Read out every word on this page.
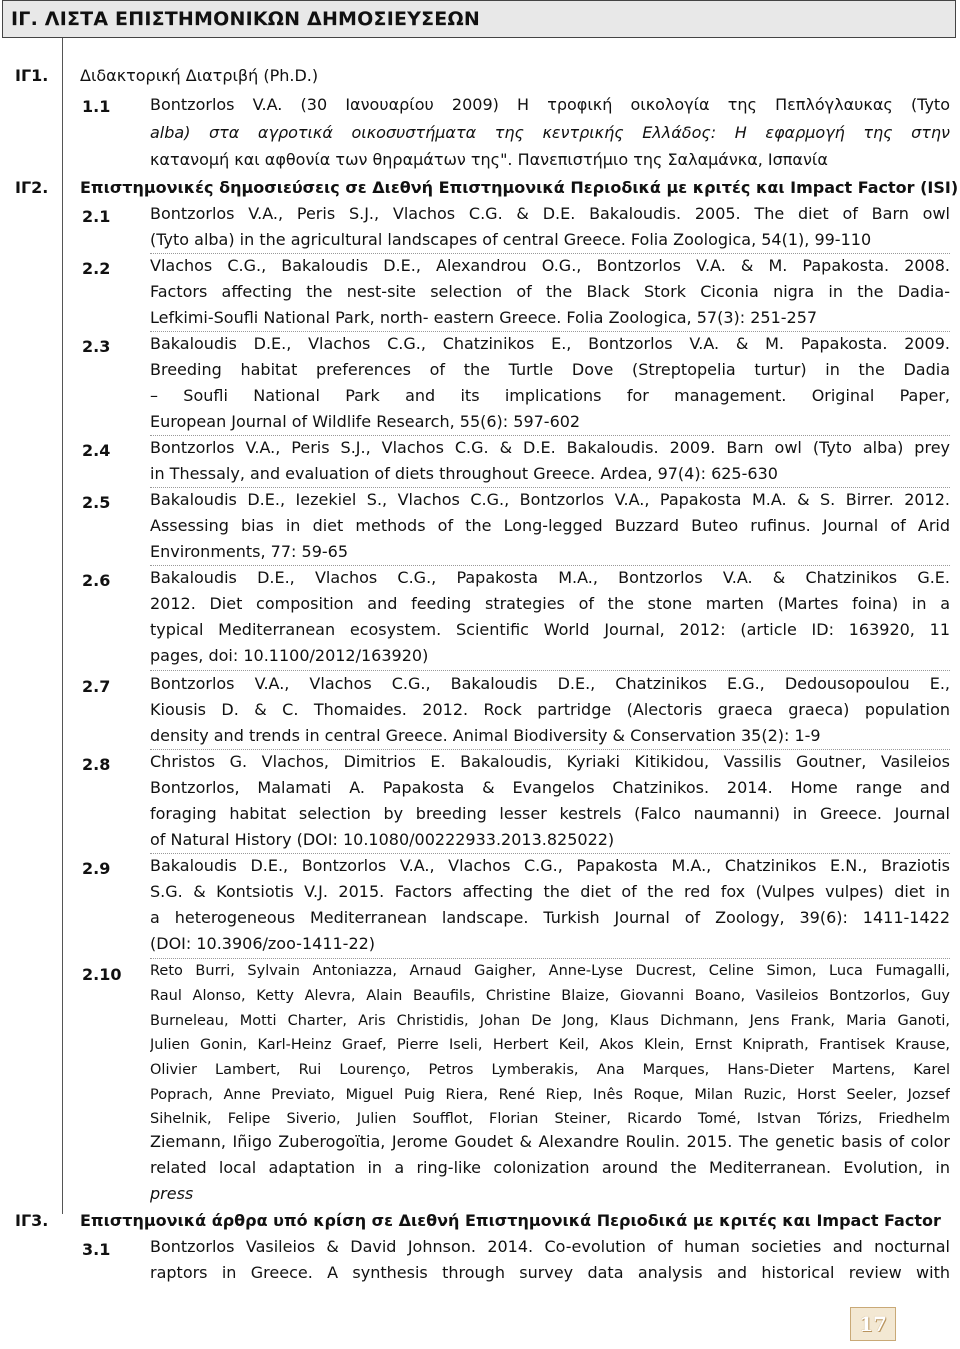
ΙΓ. ΛΙΣΤΑ ΕΠΙΣΤΗΜΟΝΙΚΩΝ ΔΗΜΟΣΙΕΥΣΕΩΝ
ΙΓ1. Διδακτορική Διατριβή (Ph.D.)
1.1 Bontzorlos V.A. (30 Ιανουαρίου 2009) Η τροφική οικολογία της Πεπλόγλαυκας (Tyto
alba) στα αγροτικά οικοσυστήματα της κεντρικής Ελλάδος: Η εφαρμογή της στην
κατανομή και αφθονία των θηραμάτων της". Πανεπιστήμιο της Σαλαμάνκα, Ισπανία
ΙΓ2. Επιστημονικές δημοσιεύσεις σε Διεθνή Επιστημονικά Περιοδικά με κριτές και Impact Factor (ISI)
2.1 Bontzorlos V.A., Peris S.J., Vlachos C.G. & D.E. Bakaloudis. 2005. The diet of Barn owl
(Tyto alba) in the agricultural landscapes of central Greece. Folia Zoologica, 54(1), 99-110
2.2 Vlachos C.G., Bakaloudis D.E., Alexandrou O.G., Bontzorlos V.A. & M. Papakosta. 2008.
Factors affecting the nest-site selection of the Black Stork Ciconia nigra in the Dadia-
Lefkimi-Soufli National Park, north- eastern Greece. Folia Zoologica, 57(3): 251-257
2.3 Bakaloudis D.E., Vlachos C.G., Chatzinikos E., Bontzorlos V.A. & M. Papakosta. 2009.
Breeding habitat preferences of the Turtle Dove (Streptopelia turtur) in the Dadia
– Soufli National Park and its implications for management. Original Paper,
European Journal of Wildlife Research, 55(6): 597-602
2.4 Bontzorlos V.A., Peris S.J., Vlachos C.G. & D.E. Bakaloudis. 2009. Barn owl (Tyto alba) prey
in Thessaly, and evaluation of diets throughout Greece. Ardea, 97(4): 625-630
2.5 Bakaloudis D.E., Iezekiel S., Vlachos C.G., Bontzorlos V.A., Papakosta M.A. & S. Birrer. 2012.
Assessing bias in diet methods of the Long-legged Buzzard Buteo rufinus. Journal of Arid
Environments, 77: 59-65
2.6 Bakaloudis D.E., Vlachos C.G., Papakosta M.A., Bontzorlos V.A. & Chatzinikos G.E.
2012. Diet composition and feeding strategies of the stone marten (Martes foina) in a
typical Mediterranean ecosystem. Scientific World Journal, 2012: (article ID: 163920, 11
pages, doi: 10.1100/2012/163920)
2.7 Bontzorlos V.A., Vlachos C.G., Bakaloudis D.E., Chatzinikos E.G., Dedousopoulou E.,
Kiousis D. & C. Thomaides. 2012. Rock partridge (Alectoris graeca graeca) population
density and trends in central Greece. Animal Biodiversity & Conservation 35(2): 1-9
2.8 Christos G. Vlachos, Dimitrios E. Bakaloudis, Kyriaki Kitikidou, Vassilis Goutner, Vasileios
Bontzorlos, Malamati A. Papakosta & Evangelos Chatzinikos. 2014. Home range and
foraging habitat selection by breeding lesser kestrels (Falco naumanni) in Greece. Journal
of Natural History (DOI: 10.1080/00222933.2013.825022)
2.9 Bakaloudis D.E., Bontzorlos V.A., Vlachos C.G., Papakosta M.A., Chatzinikos E.N., Braziotis
S.G. & Kontsiotis V.J. 2015. Factors affecting the diet of the red fox (Vulpes vulpes) diet in
a heterogeneous Mediterranean landscape. Turkish Journal of Zoology, 39(6): 1411-1422
(DOI: 10.3906/zoo-1411-22)
2.10 Reto Burri, Sylvain Antoniazza, Arnaud Gaigher, Anne-Lyse Ducrest, Celine Simon, Luca Fumagalli,
Raul Alonso, Ketty Alevra, Alain Beaufils, Christine Blaize, Giovanni Boano, Vasileios Bontzorlos, Guy
Burneleau, Motti Charter, Aris Christidis, Johan De Jong, Klaus Dichmann, Jens Frank, Maria Ganoti,
Julien Gonin, Karl-Heinz Graef, Pierre Iseli, Herbert Keil, Akos Klein, Ernst Kniprath, Frantisek Krause,
Olivier Lambert, Rui Lourenço, Petros Lymberakis, Ana Marques, Hans-Dieter Martens, Karel
Poprach, Anne Previato, Miguel Puig Riera, René Riep, Inês Roque, Milan Ruzic, Horst Seeler, Jozsef
Sihelnik, Felipe Siverio, Julien Soufflot, Florian Steiner, Ricardo Tomé, Istvan Tórizs, Friedhelm
Ziemann, Iñigo Zuberogoïtia, Jerome Goudet & Alexandre Roulin. 2015. The genetic basis of color
related local adaptation in a ring-like colonization around the Mediterranean. Evolution, in
press
ΙΓ3. Επιστημονικά άρθρα υπό κρίση σε Διεθνή Επιστημονικά Περιοδικά με κριτές και Impact Factor
3.1 Bontzorlos Vasileios & David Johnson. 2014. Co-evolution of human societies and nocturnal
raptors in Greece. A synthesis through survey data analysis and historical review with
17
